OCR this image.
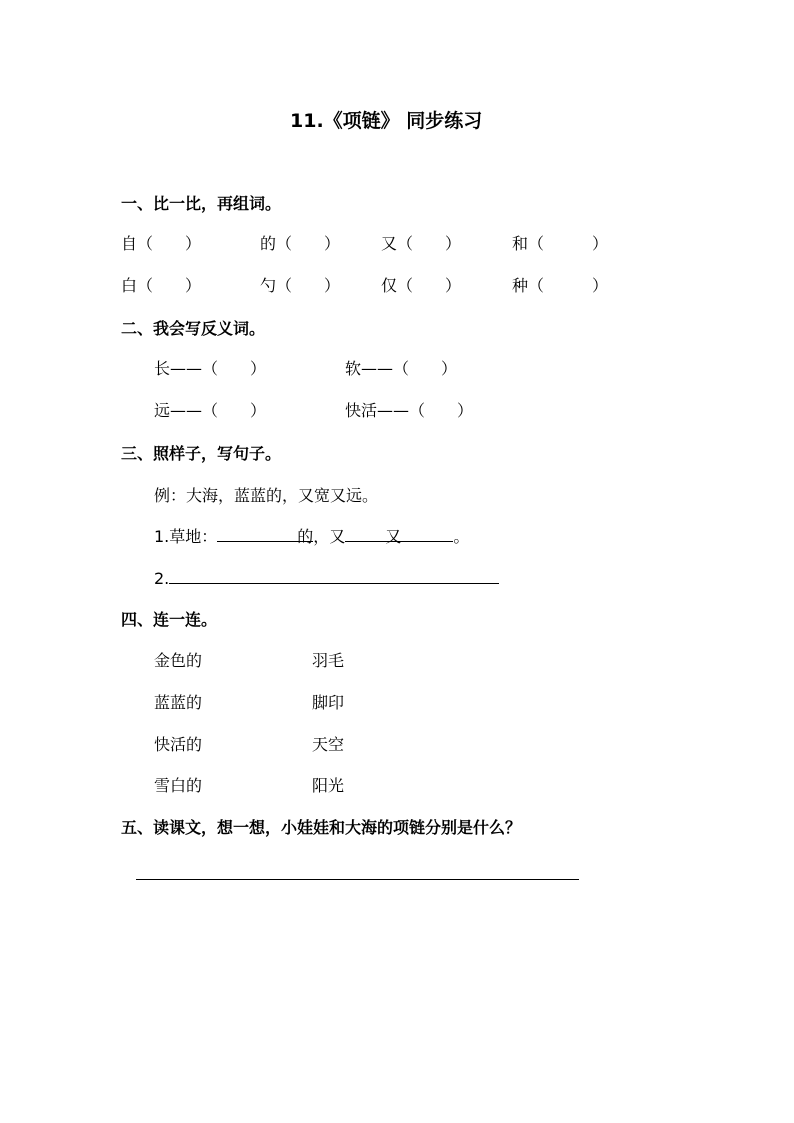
11.《项链》 同步练习
一、比一比，再组词。
自（　　）	的（　　）	又（　　）	和（　　　）
白（　　）	勺（　　）	仅（　　）	种（　　　）
二、我会写反义词。
长——（　　）	软——（　　）
远——（　　）	快活——（　　）
三、照样子，写句子。
例：大海，蓝蓝的，又宽又远。
1.草地：	的，又	又	。
2.
四、连一连。
金色的	羽毛
蓝蓝的	脚印
快活的	天空
雪白的	阳光
五、读课文，想一想，小娃娃和大海的项链分别是什么？
